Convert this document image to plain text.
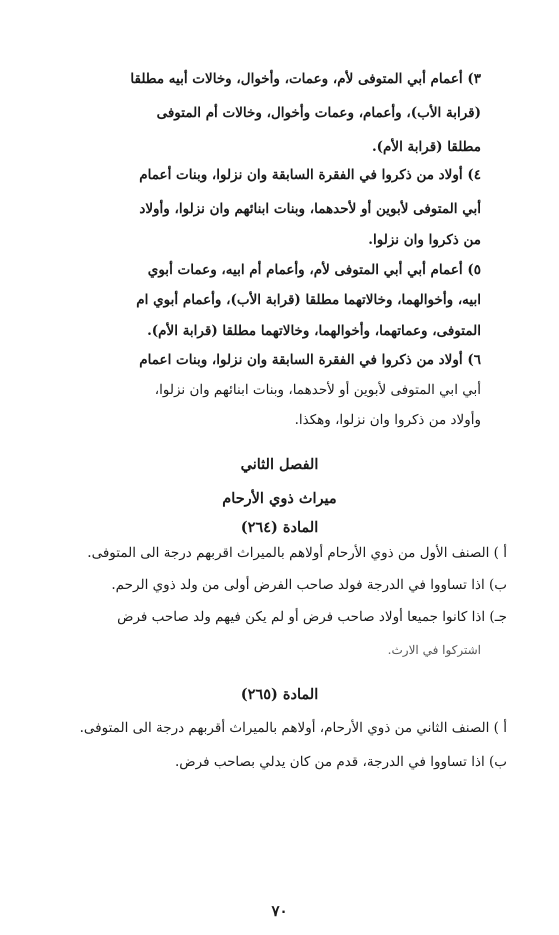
٣) أعمام أبي المتوفى لأم، وعمات، وأخوال، وخالات أبيه مطلقا
(قرابة الأب)، وأعمام، وعمات وأخوال، وخالات أم المتوفى
مطلقا (قرابة الأم).
٤) أولاد من ذكروا في الفقرة السابقة وان نزلوا، وبنات أعمام
أبي المتوفى لأبوين أو لأحدهما، وبنات ابنائهم وان نزلوا، وأولاد
من ذكروا وان نزلوا.
٥) أعمام أبي أبي المتوفى لأم، وأعمام أم ابيه، وعمات أبوي
ابيه، وأخوالهما، وخالاتهما مطلقا (قرابة الأب)، وأعمام أبوي ام
المتوفى، وعماتهما، وأخوالهما، وخالاتهما مطلقا (قرابة الأم).
٦) أولاد من ذكروا في الفقرة السابقة وان نزلوا، وبنات اعمام
أبي ابي المتوفى لأبوين أو لأحدهما، وبنات ابنائهم وان نزلوا،
وأولاد من ذكروا وان نزلوا، وهكذا.
الفصل الثاني
ميراث ذوي الأرحام
المادة (٢٦٤)
أ ) الصنف الأول من ذوي الأرحام أولاهم بالميراث اقربهم درجة الى المتوفى.
ب) اذا تساووا في الدرجة فولد صاحب الفرض أولى من ولد ذوي الرحم.
جـ) اذا كانوا جميعا أولاد صاحب فرض أو لم يكن فيهم ولد صاحب فرض
اشتركوا في الارث.
المادة (٢٦٥)
أ ) الصنف الثاني من ذوي الأرحام، أولاهم بالميراث أقربهم درجة الى المتوفى.
ب) اذا تساووا في الدرجة، قدم من كان يدلي بصاحب فرض.
٧٠
